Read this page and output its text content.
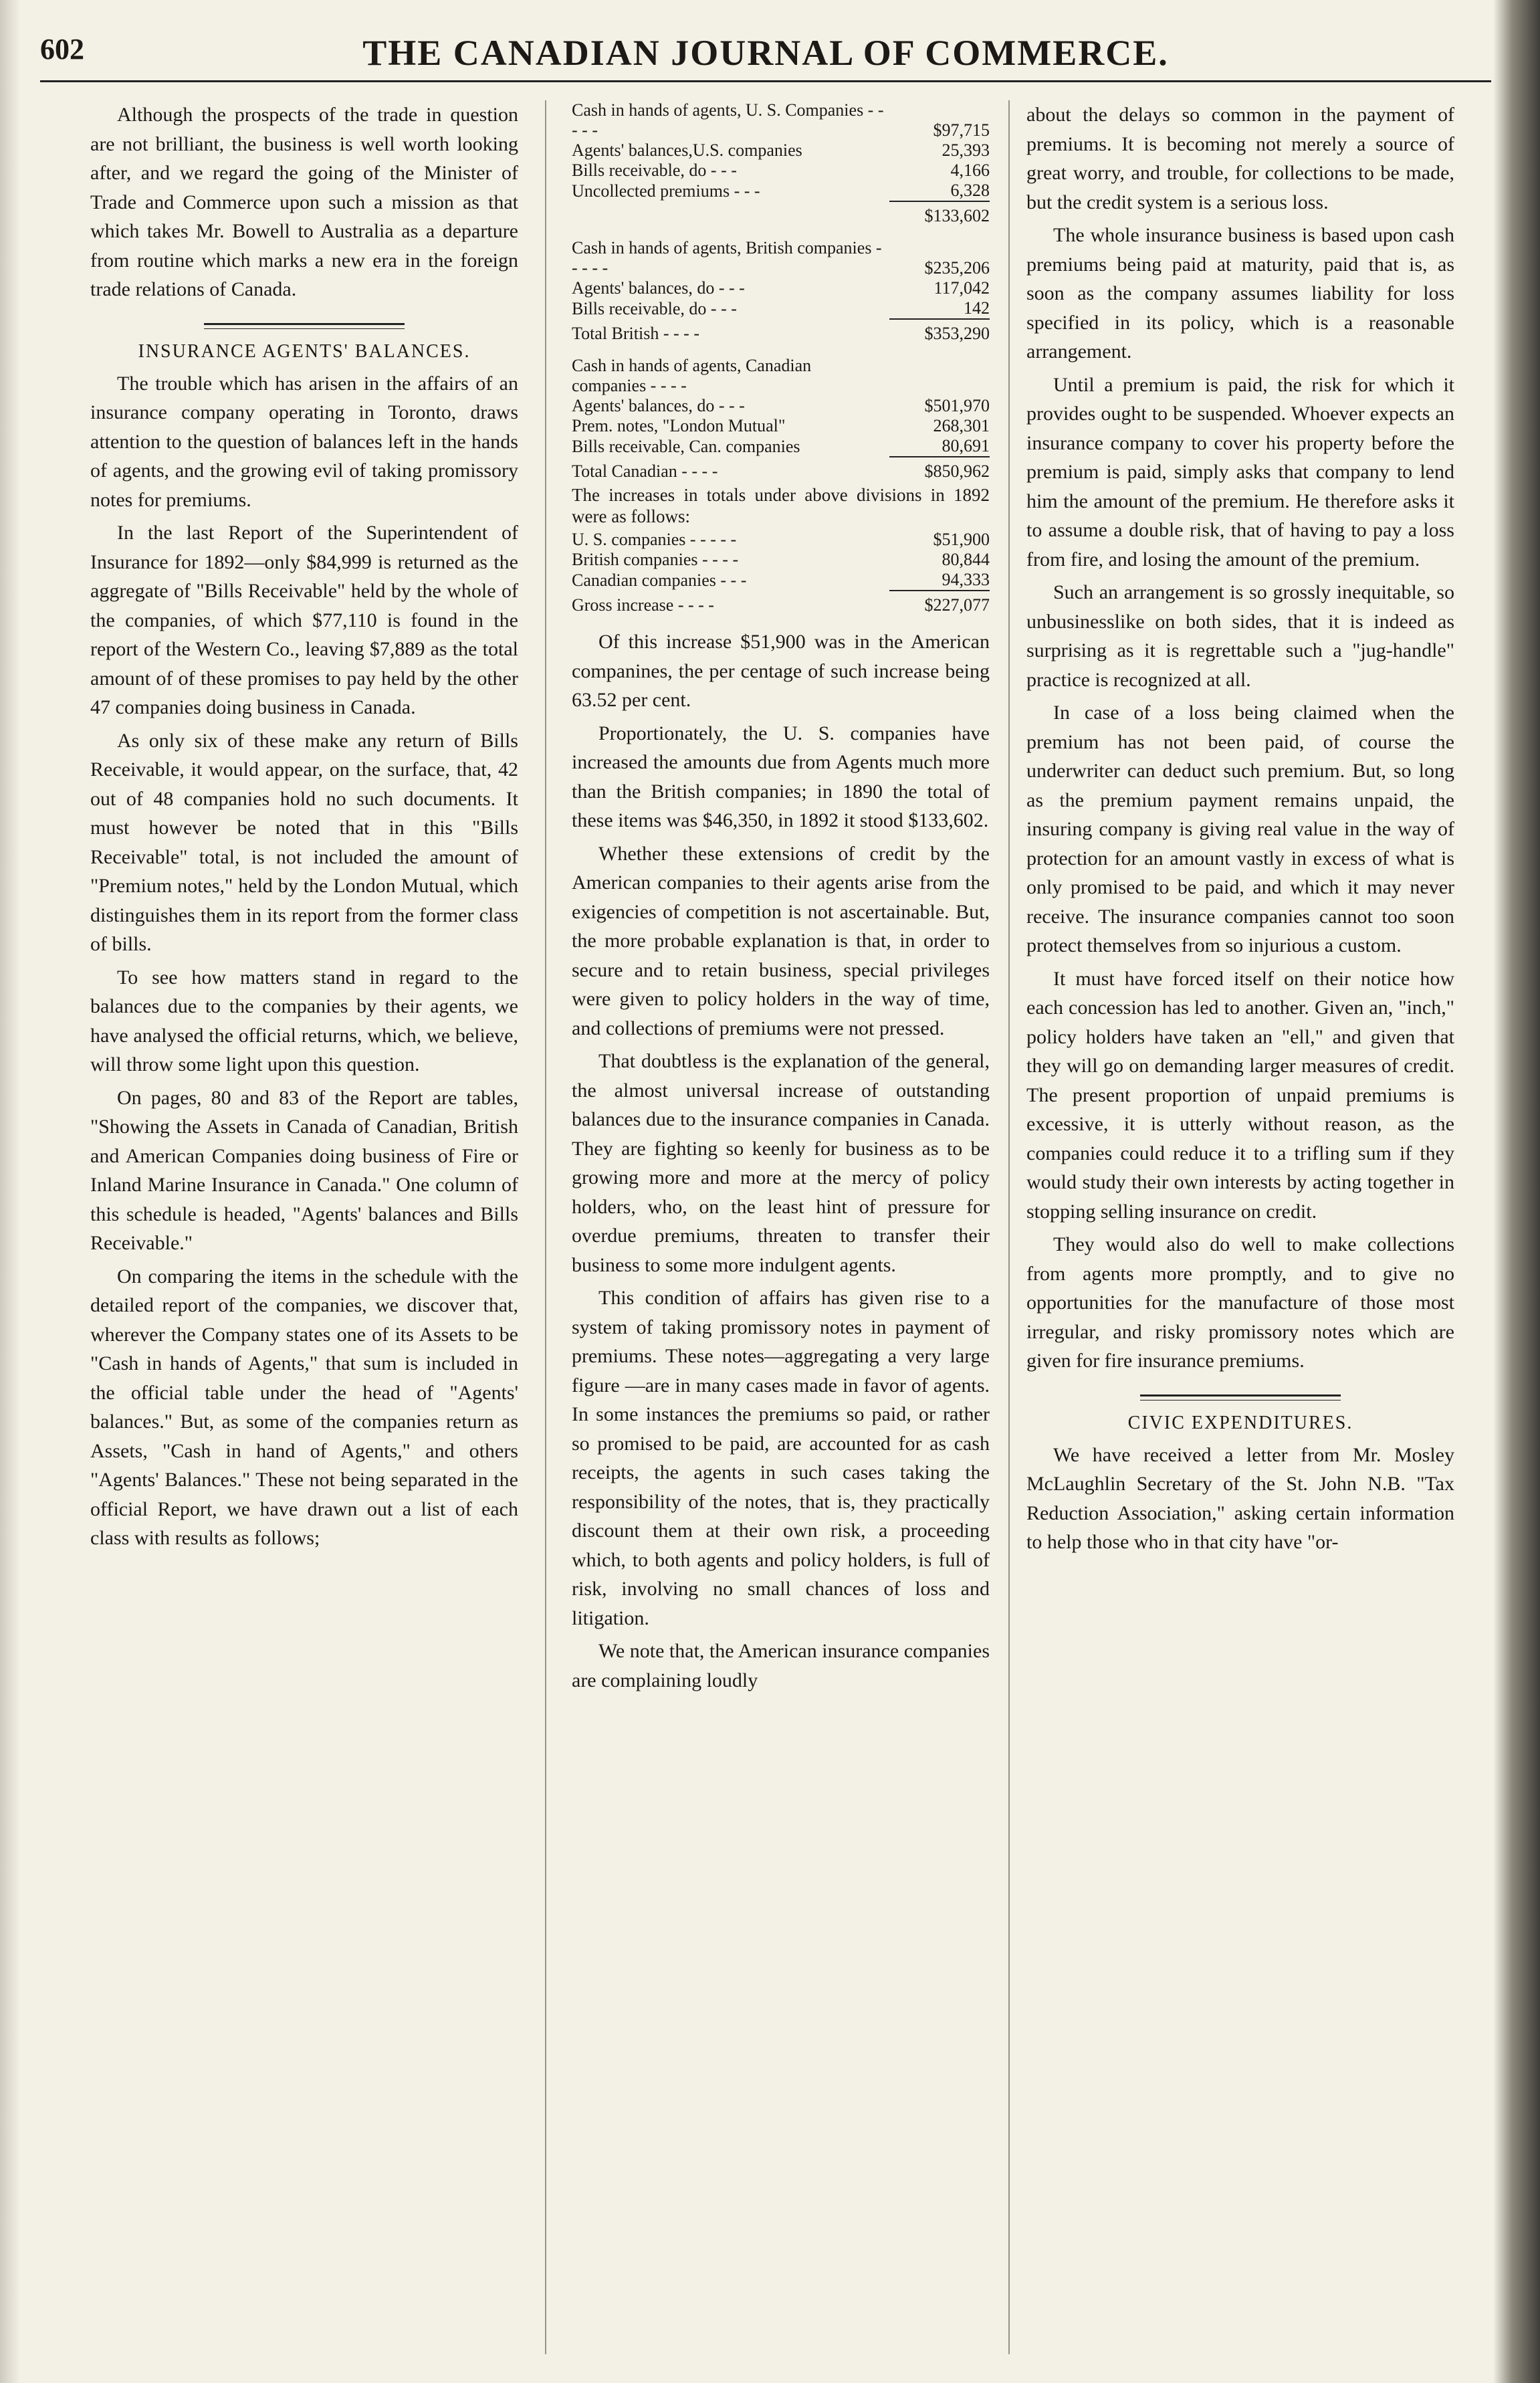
602	THE CANADIAN JOURNAL OF COMMERCE.

Although the prospects of the trade in question are not brilliant, the business is well worth looking after, and we regard the going of the Minister of Trade and Commerce upon such a mission as that which takes Mr. Bowell to Australia as a departure from routine which marks a new era in the foreign trade relations of Canada.

INSURANCE AGENTS' BALANCES.

The trouble which has arisen in the affairs of an insurance company operating in Toronto, draws attention to the question of balances left in the hands of agents, and the growing evil of taking promissory notes for premiums.

In the last Report of the Superintendent of Insurance for 1892—only $84,999 is returned as the aggregate of "Bills Receivable" held by the whole of the companies, of which $77,110 is found in the report of the Western Co., leaving $7,889 as the total amount of of these promises to pay held by the other 47 companies doing business in Canada.

As only six of these make any return of Bills Receivable, it would appear, on the surface, that, 42 out of 48 companies hold no such documents. It must however be noted that in this "Bills Receivable" total, is not included the amount of "Premium notes," held by the London Mutual, which distinguishes them in its report from the former class of bills.

To see how matters stand in regard to the balances due to the companies by their agents, we have analysed the official returns, which, we believe, will throw some light upon this question.

On pages, 80 and 83 of the Report are tables, "Showing the Assets in Canada of Canadian, British and American Companies doing business of Fire or Inland Marine Insurance in Canada." One column of this schedule is headed, "Agents' balances and Bills Receivable."

On comparing the items in the schedule with the detailed report of the companies, we discover that, wherever the Company states one of its Assets to be "Cash in hands of Agents," that sum is included in the official table under the head of "Agents' balances." But, as some of the companies return as Assets, "Cash in hand of Agents," and others "Agents' Balances." These not being separated in the official Report, we have drawn out a list of each class with results as follows;

Cash in hands of agents, U. S. Companies - - - - -	$97,715
Agents' balances,U.S. companies	25,393
Bills receivable, do - - -	4,166
Uncollected premiums - - -	6,328
	$133,602
Cash in hands of agents, British companies - - - - -	$235,206
Agents' balances, do - - -	117,042
Bills receivable, do - - -	142
Total British - - - -	$353,290
Cash in hands of agents, Canadian companies - - - -	
Agents' balances, do - - -	$501,970
Prem. notes, "London Mutual"	268,301
Bills receivable, Can. companies	80,691
Total Canadian - - - -	$850,962

The increases in totals under above divisions in 1892 were as follows:

U. S. companies - - - - -	$51,900
British companies - - - -	80,844
Canadian companies - - -	94,333
Gross increase - - - -	$227,077

Of this increase $51,900 was in the American companines, the per centage of such increase being 63.52 per cent.

Proportionately, the U. S. companies have increased the amounts due from Agents much more than the British companies; in 1890 the total of these items was $46,350, in 1892 it stood $133,602.

Whether these extensions of credit by the American companies to their agents arise from the exigencies of competition is not ascertainable. But, the more probable explanation is that, in order to secure and to retain business, special privileges were given to policy holders in the way of time, and collections of premiums were not pressed.

That doubtless is the explanation of the general, the almost universal increase of outstanding balances due to the insurance companies in Canada. They are fighting so keenly for business as to be growing more and more at the mercy of policy holders, who, on the least hint of pressure for overdue premiums, threaten to transfer their business to some more indulgent agents.

This condition of affairs has given rise to a system of taking promissory notes in payment of premiums. These notes—aggregating a very large figure —are in many cases made in favor of agents. In some instances the premiums so paid, or rather so promised to be paid, are accounted for as cash receipts, the agents in such cases taking the responsibility of the notes, that is, they practically discount them at their own risk, a proceeding which, to both agents and policy holders, is full of risk, involving no small chances of loss and litigation.

We note that, the American insurance companies are complaining loudly

about the delays so common in the payment of premiums. It is becoming not merely a source of great worry, and trouble, for collections to be made, but the credit system is a serious loss.

The whole insurance business is based upon cash premiums being paid at maturity, paid that is, as soon as the company assumes liability for loss specified in its policy, which is a reasonable arrangement.

Until a premium is paid, the risk for which it provides ought to be suspended. Whoever expects an insurance company to cover his property before the premium is paid, simply asks that company to lend him the amount of the premium. He therefore asks it to assume a double risk, that of having to pay a loss from fire, and losing the amount of the premium.

Such an arrangement is so grossly inequitable, so unbusinesslike on both sides, that it is indeed as surprising as it is regrettable such a "jug-handle" practice is recognized at all.

In case of a loss being claimed when the premium has not been paid, of course the underwriter can deduct such premium. But, so long as the premium payment remains unpaid, the insuring company is giving real value in the way of protection for an amount vastly in excess of what is only promised to be paid, and which it may never receive. The insurance companies cannot too soon protect themselves from so injurious a custom.

It must have forced itself on their notice how each concession has led to another. Given an, "inch," policy holders have taken an "ell," and given that they will go on demanding larger measures of credit. The present proportion of unpaid premiums is excessive, it is utterly without reason, as the companies could reduce it to a trifling sum if they would study their own interests by acting together in stopping selling insurance on credit.

They would also do well to make collections from agents more promptly, and to give no opportunities for the manufacture of those most irregular, and risky promissory notes which are given for fire insurance premiums.

CIVIC EXPENDITURES.

We have received a letter from Mr. Mosley McLaughlin Secretary of the St. John N.B. "Tax Reduction Association," asking certain information to help those who in that city have "or-
